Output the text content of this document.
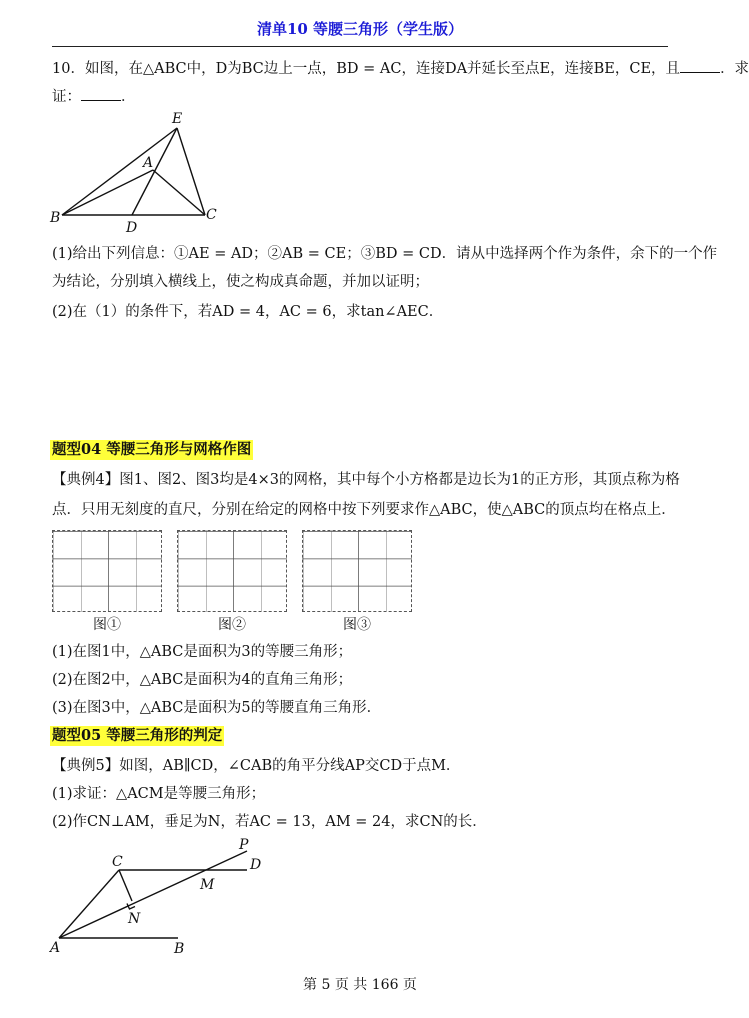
清单10 等腰三角形（学生版）
10．如图，在△ABC中，D为BC边上一点，BD = AC，连接DA并延长至点E，连接BE，CE，且	．求
证：	．
E
A
B
D
C
(1)给出下列信息：①AE = AD；②AB = CE；③BD = CD．请从中选择两个作为条件，余下的一个作
为结论，分别填入横线上，使之构成真命题，并加以证明；
(2)在（1）的条件下，若AD = 4，AC = 6，求tan∠AEC．
题型04 等腰三角形与网格作图
【典例4】图1、图2、图3均是4×3的网格，其中每个小方格都是边长为1的正方形，其顶点称为格
点．只用无刻度的直尺，分别在给定的网格中按下列要求作△ABC，使△ABC的顶点均在格点上．
图①	图②	图③
(1)在图1中，△ABC是面积为3的等腰三角形；
(2)在图2中，△ABC是面积为4的直角三角形；
(3)在图3中，△ABC是面积为5的等腰直角三角形．
题型05 等腰三角形的判定
【典例5】如图，AB∥CD，∠CAB的角平分线AP交CD于点M．
(1)求证：△ACM是等腰三角形；
(2)作CN⊥AM，垂足为N，若AC = 13，AM = 24，求CN的长．
P
C	D
M
N
A	B
第 5 页 共 166 页
